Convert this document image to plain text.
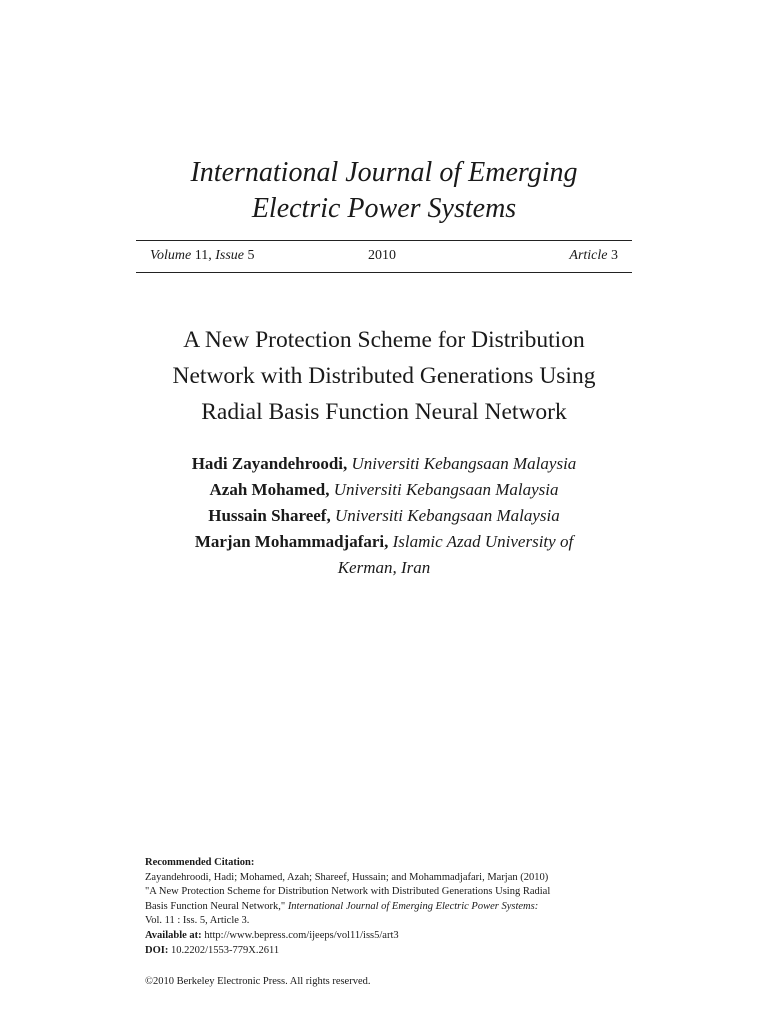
International Journal of Emerging
Electric Power Systems
Volume 11, Issue 5	2010	Article 3
A New Protection Scheme for Distribution
Network with Distributed Generations Using
Radial Basis Function Neural Network
Hadi Zayandehroodi, Universiti Kebangsaan Malaysia
Azah Mohamed, Universiti Kebangsaan Malaysia
Hussain Shareef, Universiti Kebangsaan Malaysia
Marjan Mohammadjafari, Islamic Azad University of
Kerman, Iran
Recommended Citation:
Zayandehroodi, Hadi; Mohamed, Azah; Shareef, Hussain; and Mohammadjafari, Marjan (2010)
"A New Protection Scheme for Distribution Network with Distributed Generations Using Radial
Basis Function Neural Network," International Journal of Emerging Electric Power Systems:
Vol. 11 : Iss. 5, Article 3.
Available at: http://www.bepress.com/ijeeps/vol11/iss5/art3
DOI: 10.2202/1553-779X.2611
©2010 Berkeley Electronic Press. All rights reserved.
